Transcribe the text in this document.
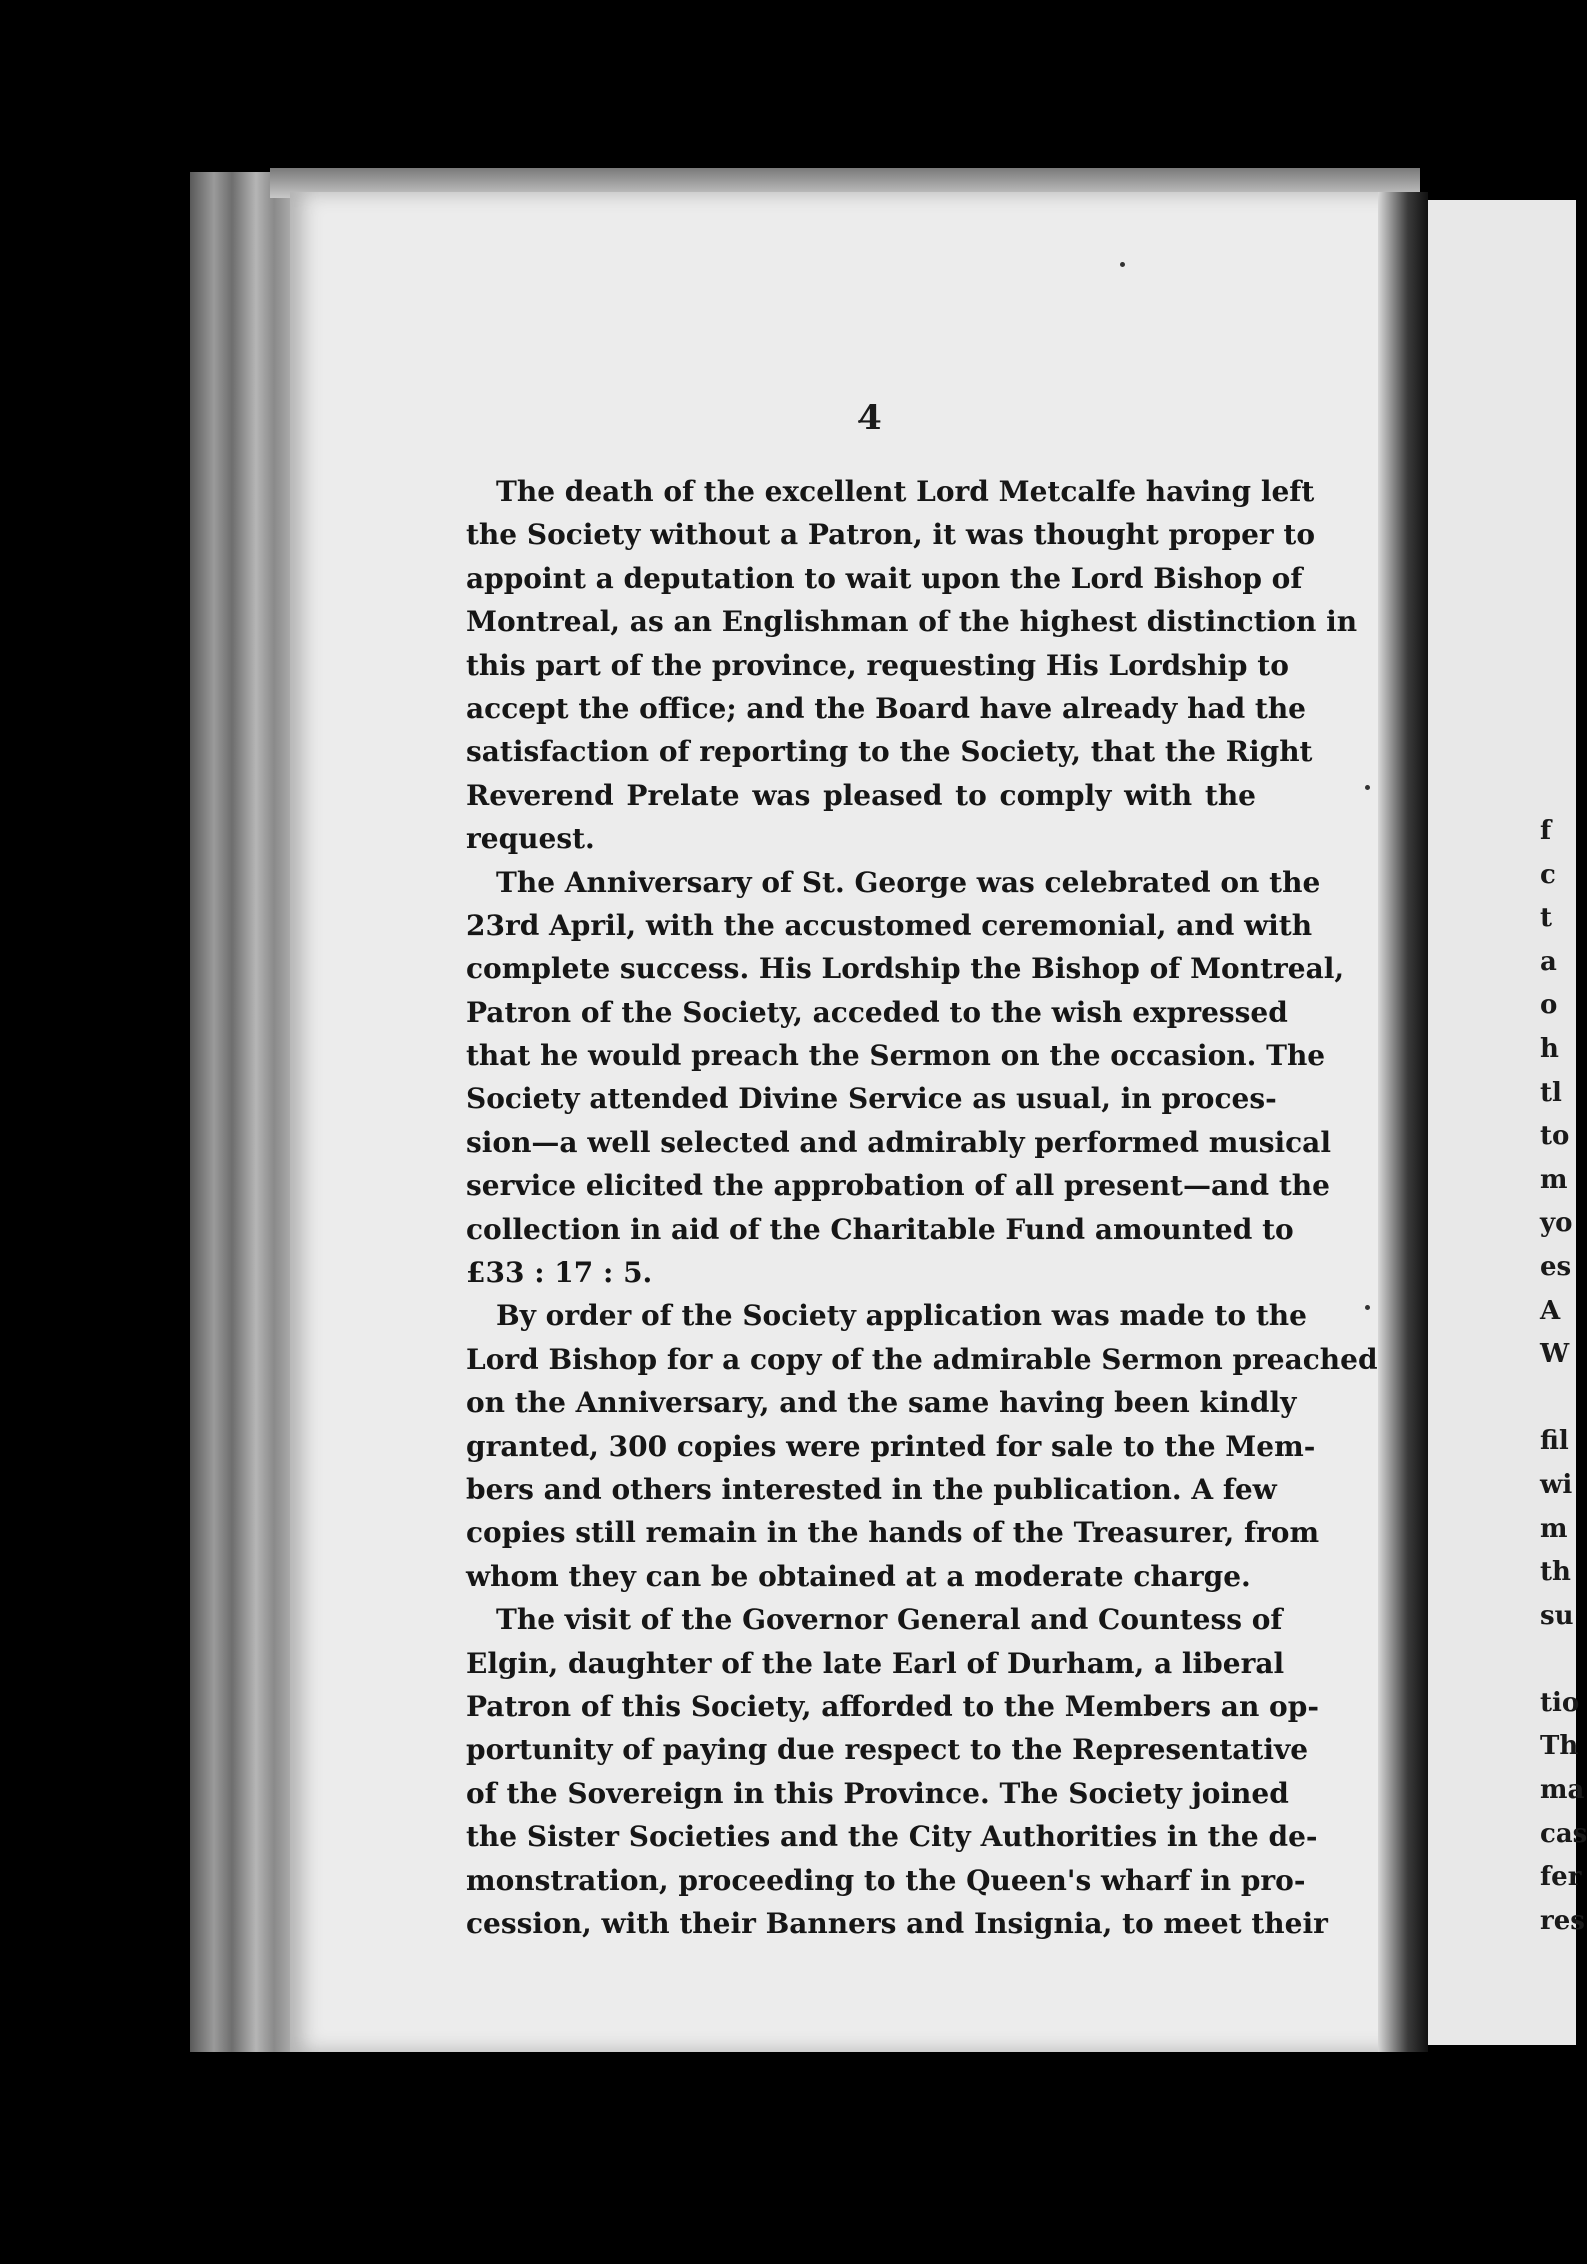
4
The death of the excellent Lord Metcalfe having left
the Society without a Patron, it was thought proper to
appoint a deputation to wait upon the Lord Bishop of
Montreal, as an Englishman of the highest distinction in
this part of the province, requesting His Lordship to
accept the office; and the Board have already had the
satisfaction of reporting to the Society, that the Right
Reverend Prelate was pleased to comply with the
request.
The Anniversary of St. George was celebrated on the
23rd April, with the accustomed ceremonial, and with
complete success. His Lordship the Bishop of Montreal,
Patron of the Society, acceded to the wish expressed
that he would preach the Sermon on the occasion. The
Society attended Divine Service as usual, in proces-
sion—a well selected and admirably performed musical
service elicited the approbation of all present—and the
collection in aid of the Charitable Fund amounted to
£33 : 17 : 5.
By order of the Society application was made to the
Lord Bishop for a copy of the admirable Sermon preached
on the Anniversary, and the same having been kindly
granted, 300 copies were printed for sale to the Mem-
bers and others interested in the publication. A few
copies still remain in the hands of the Treasurer, from
whom they can be obtained at a moderate charge.
The visit of the Governor General and Countess of
Elgin, daughter of the late Earl of Durham, a liberal
Patron of this Society, afforded to the Members an op-
portunity of paying due respect to the Representative
of the Sovereign in this Province. The Society joined
the Sister Societies and the City Authorities in the de-
monstration, proceeding to the Queen's wharf in pro-
cession, with their Banners and Insignia, to meet their
f
c
t
a
o
h
tl
to
m
yo
es
A
W
fil
wi
m
th
su
tio
Th
ma
cas
fer
res
